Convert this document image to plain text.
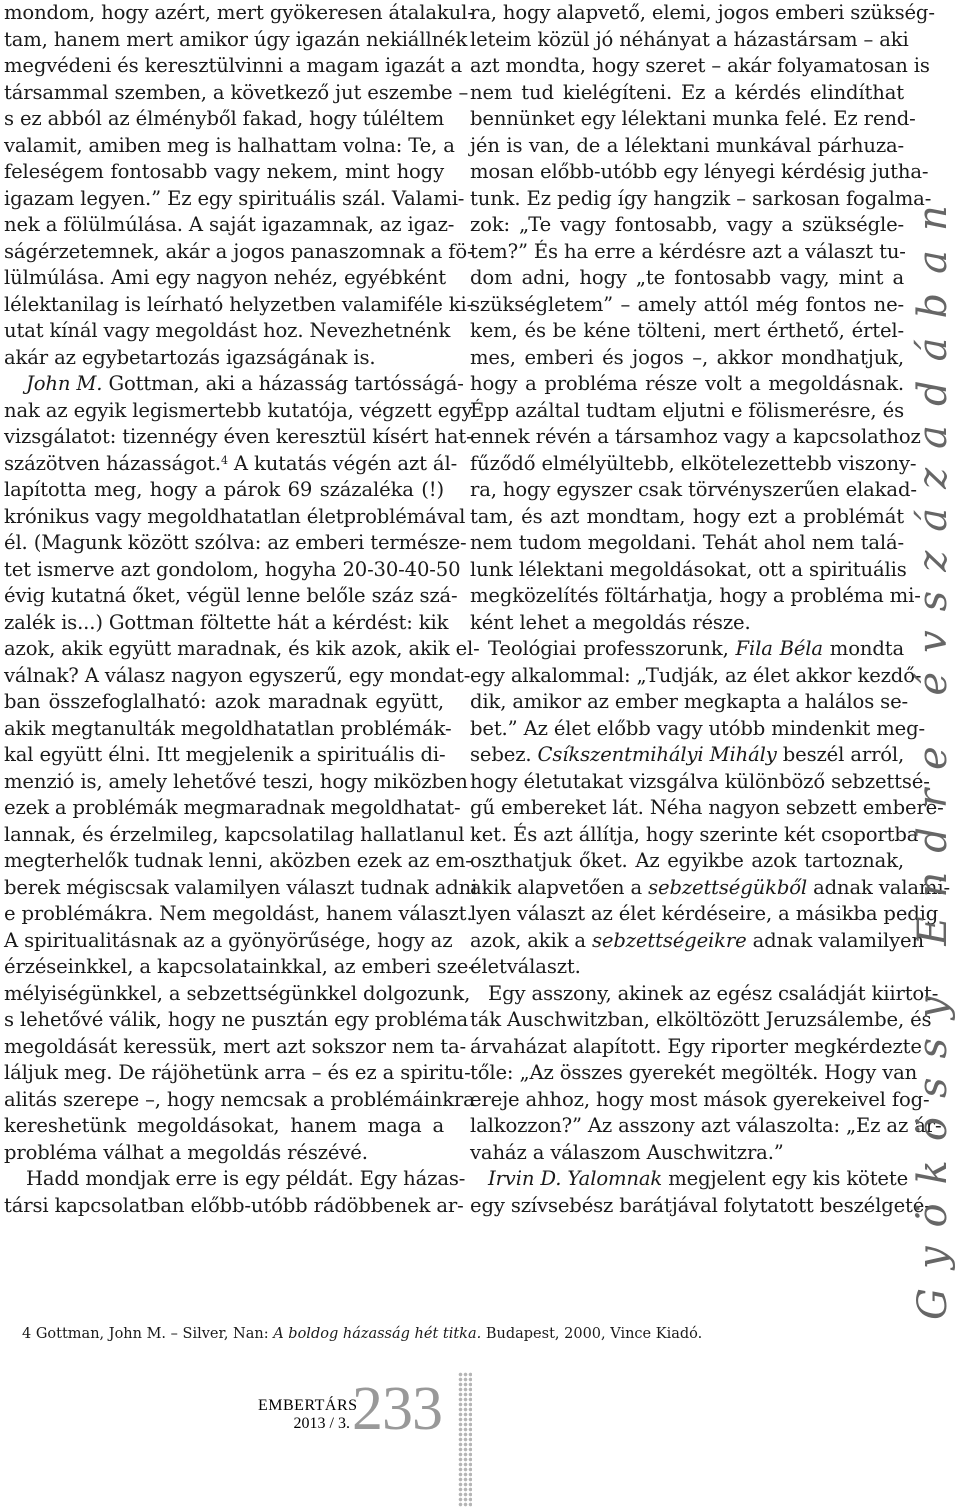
mondom, hogy azért, mert gyökeresen átalakul-
tam, hanem mert amikor úgy igazán nekiállnék
megvédeni és keresztülvinni a magam igazát a
társammal szemben, a következő jut eszembe –
s ez abból az élményből fakad, hogy túléltem
valamit, amiben meg is halhattam volna: Te, a
feleségem fontosabb vagy nekem, mint hogy
igazam legyen.” Ez egy spirituális szál. Valami-
nek a fölülmúlása. A saját igazamnak, az igaz-
ságérzetemnek, akár a jogos panaszomnak a fö-
lülmúlása. Ami egy nagyon nehéz, egyébként
lélektanilag is leírható helyzetben valamiféle ki-
utat kínál vagy megoldást hoz. Nevezhetnénk
akár az egybetartozás igazságának is.
John M. Gottman, aki a házasság tartósságá-
nak az egyik legismertebb kutatója, végzett egy
vizsgálatot: tizennégy éven keresztül kísért hat-
százötven házasságot.$^4$ A kutatás végén azt ál-
lapította meg, hogy a párok 69 százaléka (!)
krónikus vagy megoldhatatlan életproblémával
él. (Magunk között szólva: az emberi természe-
tet ismerve azt gondolom, hogyha 20-30-40-50
évig kutatná őket, végül lenne belőle száz szá-
zalék is...) Gottman föltette hát a kérdést: kik
azok, akik együtt maradnak, és kik azok, akik el-
válnak? A válasz nagyon egyszerű, egy mondat-
ban összefoglalható: azok maradnak együtt,
akik megtanulták megoldhatatlan problémák-
kal együtt élni. Itt megjelenik a spirituális di-
menzió is, amely lehetővé teszi, hogy miközben
ezek a problémák megmaradnak megoldhatat-
lannak, és érzelmileg, kapcsolatilag hallatlanul
megterhelők tudnak lenni, aközben ezek az em-
berek mégiscsak valamilyen választ tudnak adni
e problémákra. Nem megoldást, hanem választ.
A spiritualitásnak az a gyönyörűsége, hogy az
érzéseinkkel, a kapcsolatainkkal, az emberi sze-
mélyiségünkkel, a sebzettségünkkel dolgozunk,
s lehetővé válik, hogy ne pusztán egy probléma
megoldását keressük, mert azt sokszor nem ta-
láljuk meg. De rájöhetünk arra – és ez a spiritu-
alitás szerepe –, hogy nemcsak a problémáinkra
kereshetünk megoldásokat, hanem maga a
probléma válhat a megoldás részévé.
Hadd mondjak erre is egy példát. Egy házas-
társi kapcsolatban előbb-utóbb rádöbbenek ar-
ra, hogy alapvető, elemi, jogos emberi szükség-
leteim közül jó néhányat a házastársam – aki
azt mondta, hogy szeret – akár folyamatosan is
nem tud kielégíteni. Ez a kérdés elindíthat
bennünket egy lélektani munka felé. Ez rend-
jén is van, de a lélektani munkával párhuza-
mosan előbb-utóbb egy lényegi kérdésig jutha-
tunk. Ez pedig így hangzik – sarkosan fogalma-
zok: „Te vagy fontosabb, vagy a szükségle-
tem?” És ha erre a kérdésre azt a választ tu-
dom adni, hogy „te fontosabb vagy, mint a
szükségletem” – amely attól még fontos ne-
kem, és be kéne tölteni, mert érthető, értel-
mes, emberi és jogos –, akkor mondhatjuk,
hogy a probléma része volt a megoldásnak.
Épp azáltal tudtam eljutni e fölismerésre, és
ennek révén a társamhoz vagy a kapcsolathoz
fűződő elmélyültebb, elkötelezettebb viszony-
ra, hogy egyszer csak törvényszerűen elakad-
tam, és azt mondtam, hogy ezt a problémát
nem tudom megoldani. Tehát ahol nem talá-
lunk lélektani megoldásokat, ott a spirituális
megközelítés föltárhatja, hogy a probléma mi-
ként lehet a megoldás része.
Teológiai professzorunk, Fila Béla mondta
egy alkalommal: „Tudják, az élet akkor kezdő-
dik, amikor az ember megkapta a halálos se-
bet.” Az élet előbb vagy utóbb mindenkit meg-
sebez. Csíkszentmihályi Mihály beszél arról,
hogy életutakat vizsgálva különböző sebzettsé-
gű embereket lát. Néha nagyon sebzett embere-
ket. És azt állítja, hogy szerinte két csoportba
oszthatjuk őket. Az egyikbe azok tartoznak,
akik alapvetően a sebzettségükből adnak valami-
lyen választ az élet kérdéseire, a másikba pedig
azok, akik a sebzettségeikre adnak valamilyen
életválaszt.
Egy asszony, akinek az egész családját kiirtot-
ták Auschwitzban, elköltözött Jeruzsálembe, és
árvaházat alapított. Egy riporter megkérdezte
tőle: „Az összes gyerekét megölték. Hogy van
ereje ahhoz, hogy most mások gyerekeivel fog-
lalkozzon?” Az asszony azt válaszolta: „Ez az ár-
vaház a válaszom Auschwitzra.”
Irvin D. Yalomnak megjelent egy kis kötete
egy szívsebész barátjával folytatott beszélgeté-
Gyökössy Endre évszázadában
4 Gottman, John M. – Silver, Nan: A boldog házasság hét titka. Budapest, 2000, Vince Kiadó.
EMBERTÁRS
2013 / 3. 233
